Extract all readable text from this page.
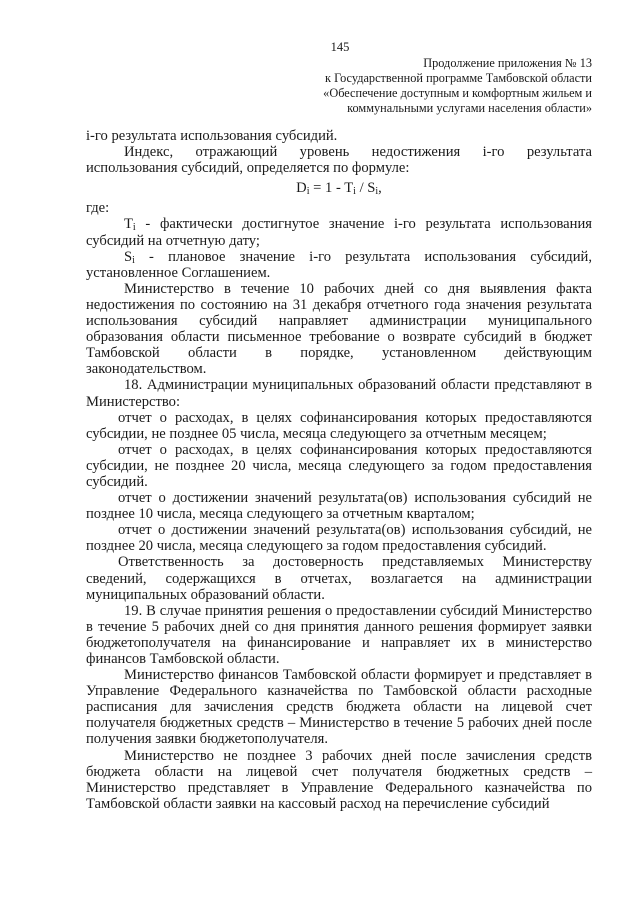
145
Продолжение приложения № 13
к Государственной программе Тамбовской области
«Обеспечение доступным и комфортным жильем и
коммунальными услугами населения области»

i-го результата использования субсидий.

Индекс, отражающий уровень недостижения i-го результата использования субсидий, определяется по формуле:

$D_i = 1 - T_i / S_i$,

где:

$T_i$ - фактически достигнутое значение i-го результата использования субсидий на отчетную дату;

$S_i$ - плановое значение i-го результата использования субсидий, установленное Соглашением.

Министерство в течение 10 рабочих дней со дня выявления факта недостижения по состоянию на 31 декабря отчетного года значения результата использования субсидий направляет администрации муниципального образования области письменное требование о возврате субсидий в бюджет Тамбовской области в порядке, установленном действующим законодательством.

18. Администрации муниципальных образований области представляют в Министерство:

отчет о расходах, в целях софинансирования которых предоставляются субсидии, не позднее 05 числа, месяца следующего за отчетным месяцем;

отчет о расходах, в целях софинансирования которых предоставляются субсидии, не позднее 20 числа, месяца следующего за годом предоставления субсидий.

отчет о достижении значений результата(ов) использования субсидий не позднее 10 числа, месяца следующего за отчетным кварталом;

отчет о достижении значений результата(ов) использования субсидий, не позднее 20 числа, месяца следующего за годом предоставления субсидий.

Ответственность за достоверность представляемых Министерству сведений, содержащихся в отчетах, возлагается на администрации муниципальных образований области.

19. В случае принятия решения о предоставлении субсидий Министерство в течение 5 рабочих дней со дня принятия данного решения формирует заявки бюджетополучателя на финансирование и направляет их в министерство финансов Тамбовской области.

Министерство финансов Тамбовской области формирует и представляет в Управление Федерального казначейства по Тамбовской области расходные расписания для зачисления средств бюджета области на лицевой счет получателя бюджетных средств – Министерство в течение 5 рабочих дней после получения заявки бюджетополучателя.

Министерство не позднее 3 рабочих дней после зачисления средств бюджета области на лицевой счет получателя бюджетных средств – Министерство представляет в Управление Федерального казначейства по Тамбовской области заявки на кассовый расход на перечисление субсидий
